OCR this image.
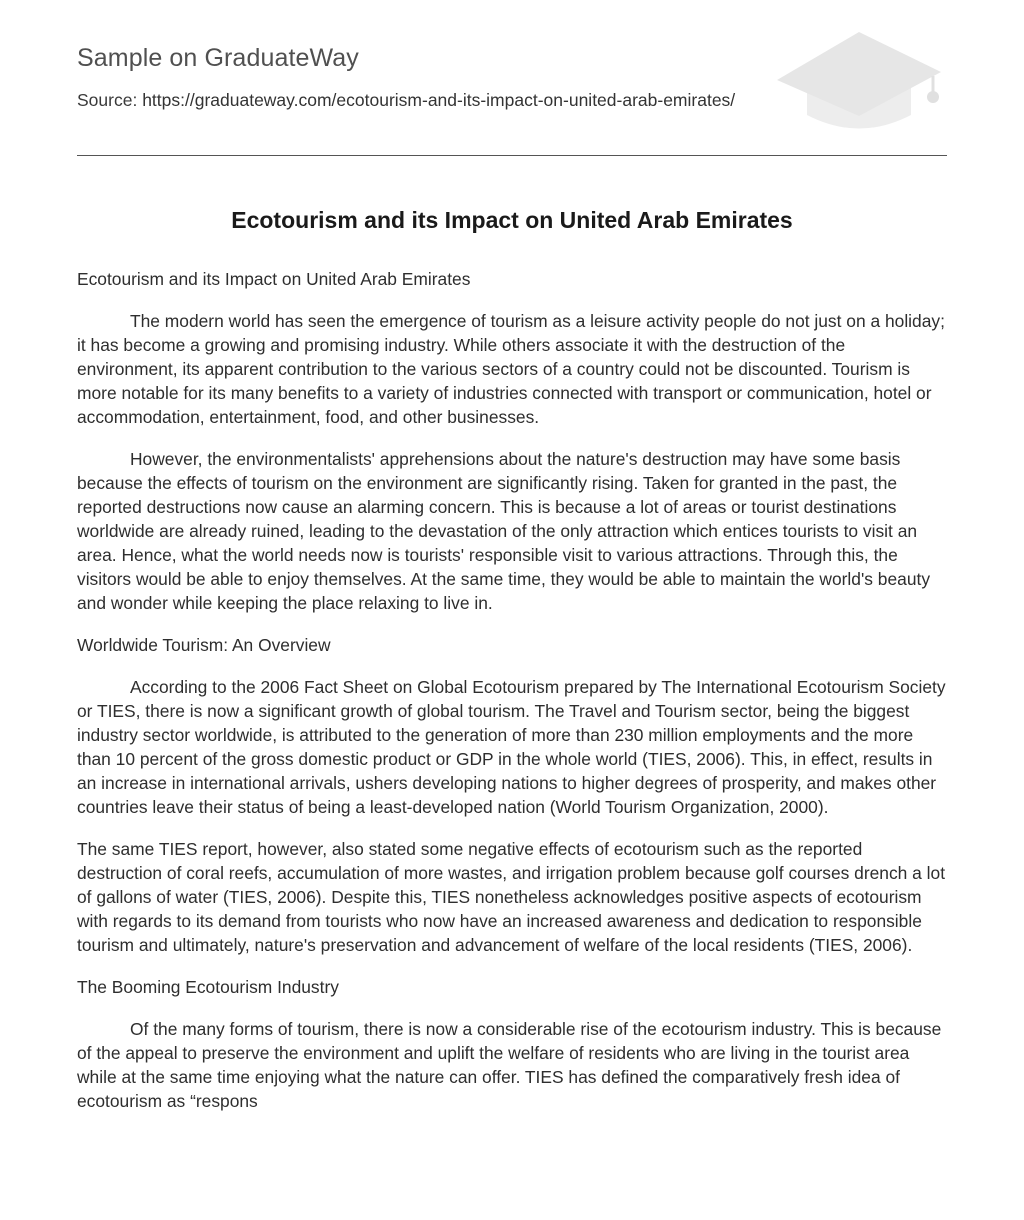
Sample on GraduateWay
Source: https://graduateway.com/ecotourism-and-its-impact-on-united-arab-emirates/
Ecotourism and its Impact on United Arab Emirates

Ecotourism and its Impact on United Arab Emirates

The modern world has seen the emergence of tourism as a leisure activity people do not just on a holiday; it has become a growing and promising industry. While others associate it with the destruction of the environment, its apparent contribution to the various sectors of a country could not be discounted. Tourism is more notable for its many benefits to a variety of industries connected with transport or communication, hotel or accommodation, entertainment, food, and other businesses.

However, the environmentalists' apprehensions about the nature's destruction may have some basis because the effects of tourism on the environment are significantly rising. Taken for granted in the past, the reported destructions now cause an alarming concern. This is because a lot of areas or tourist destinations worldwide are already ruined, leading to the devastation of the only attraction which entices tourists to visit an area. Hence, what the world needs now is tourists' responsible visit to various attractions. Through this, the visitors would be able to enjoy themselves. At the same time, they would be able to maintain the world's beauty and wonder while keeping the place relaxing to live in.

Worldwide Tourism: An Overview

According to the 2006 Fact Sheet on Global Ecotourism prepared by The International Ecotourism Society or TIES, there is now a significant growth of global tourism. The Travel and Tourism sector, being the biggest industry sector worldwide, is attributed to the generation of more than 230 million employments and the more than 10 percent of the gross domestic product or GDP in the whole world (TIES, 2006). This, in effect, results in an increase in international arrivals, ushers developing nations to higher degrees of prosperity, and makes other countries leave their status of being a least-developed nation (World Tourism Organization, 2000).

The same TIES report, however, also stated some negative effects of ecotourism such as the reported destruction of coral reefs, accumulation of more wastes, and irrigation problem because golf courses drench a lot of gallons of water (TIES, 2006). Despite this, TIES nonetheless acknowledges positive aspects of ecotourism with regards to its demand from tourists who now have an increased awareness and dedication to responsible tourism and ultimately, nature's preservation and advancement of welfare of the local residents (TIES, 2006).

The Booming Ecotourism Industry

Of the many forms of tourism, there is now a considerable rise of the ecotourism industry. This is because of the appeal to preserve the environment and uplift the welfare of residents who are living in the tourist area while at the same time enjoying what the nature can offer. TIES has defined the comparatively fresh idea of ecotourism as “respons
